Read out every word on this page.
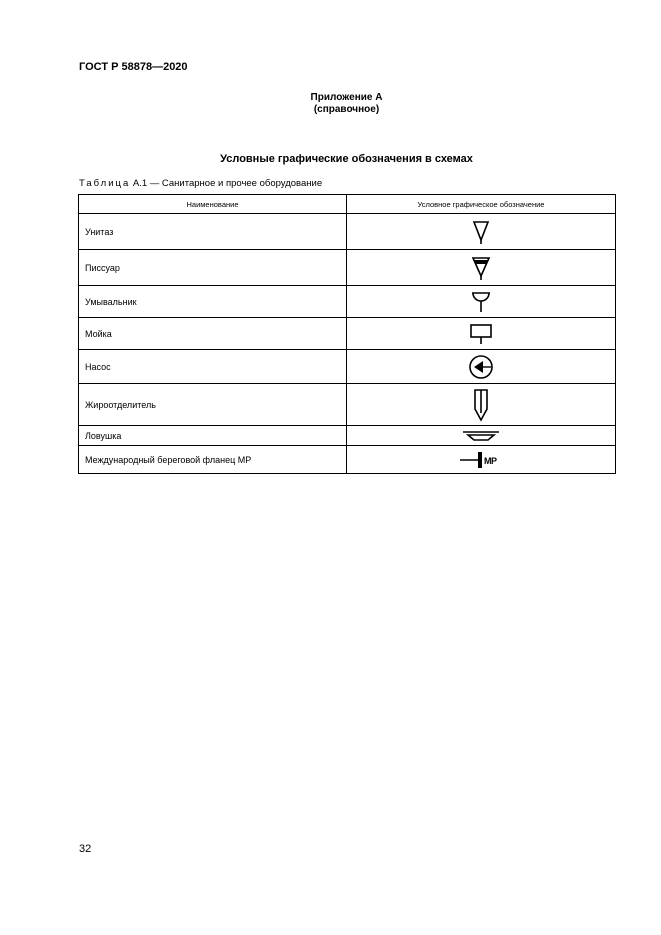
ГОСТ Р 58878—2020
Приложение А
(справочное)
Условные графические обозначения в схемах
Таблица А.1 — Санитарное и прочее оборудование
Наименование	Условное графическое обозначение
Унитаз	

Писсуар	

Умывальник	

Мойка	

Насос	

Жироотделитель	

Ловушка	

Международный береговой фланец МР	МР
32
